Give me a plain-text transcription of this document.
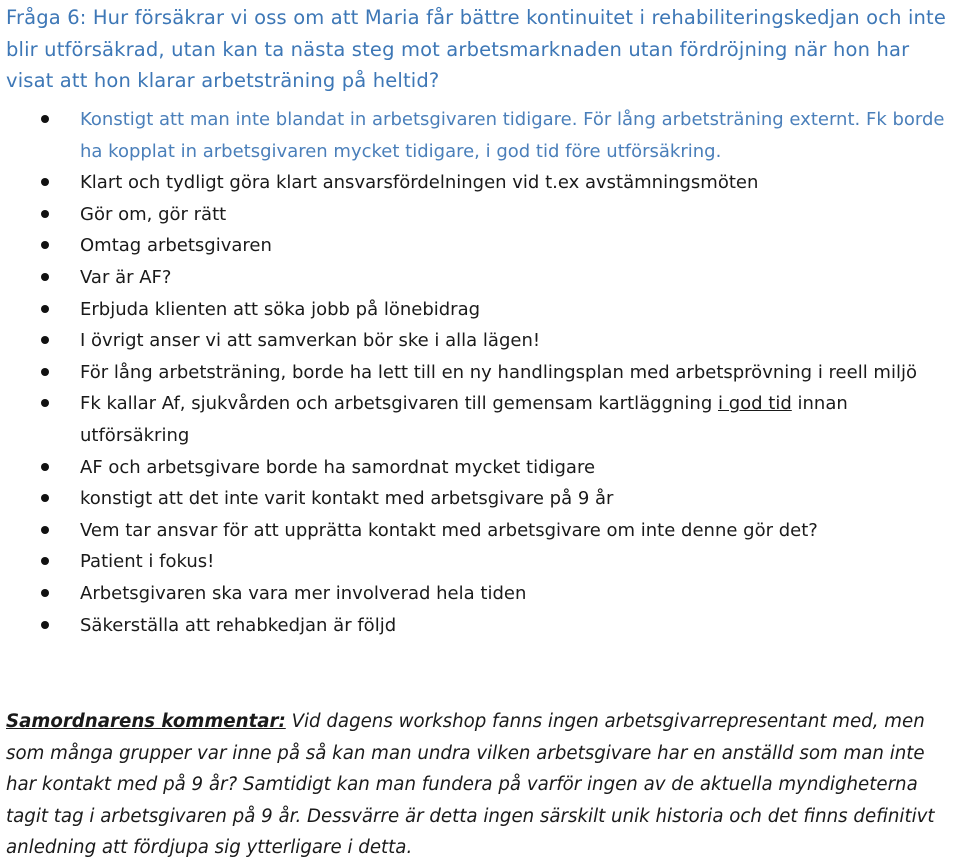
Fråga 6: Hur försäkrar vi oss om att Maria får bättre kontinuitet i rehabiliteringskedjan och inte blir utförsäkrad, utan kan ta nästa steg mot arbetsmarknaden utan fördröjning när hon har visat att hon klarar arbetsträning på heltid?
Konstigt att man inte blandat in arbetsgivaren tidigare. För lång arbetsträning externt. Fk borde ha kopplat in arbetsgivaren mycket tidigare, i god tid före utförsäkring.
Klart och tydligt göra klart ansvarsfördelningen vid t.ex avstämningsmöten
Gör om, gör rätt
Omtag arbetsgivaren
Var är AF?
Erbjuda klienten att söka jobb på lönebidrag
I övrigt anser vi att samverkan bör ske i alla lägen!
För lång arbetsträning, borde ha lett till en ny handlingsplan med arbetsprövning i reell miljö
Fk kallar Af, sjukvården och arbetsgivaren till gemensam kartläggning i god tid innan utförsäkring
AF och arbetsgivare borde ha samordnat mycket tidigare
konstigt att det inte varit kontakt med arbetsgivare på 9 år
Vem tar ansvar för att upprätta kontakt med arbetsgivare om inte denne gör det?
Patient i fokus!
Arbetsgivaren ska vara mer involverad hela tiden
Säkerställa att rehabkedjan är följd
Samordnarens kommentar: Vid dagens workshop fanns ingen arbetsgivarrepresentant med, men som många grupper var inne på så kan man undra vilken arbetsgivare har en anställd som man inte har kontakt med på 9 år? Samtidigt kan man fundera på varför ingen av de aktuella myndigheterna tagit tag i arbetsgivaren på 9 år. Dessvärre är detta ingen särskilt unik historia och det finns definitivt anledning att fördjupa sig ytterligare i detta.
